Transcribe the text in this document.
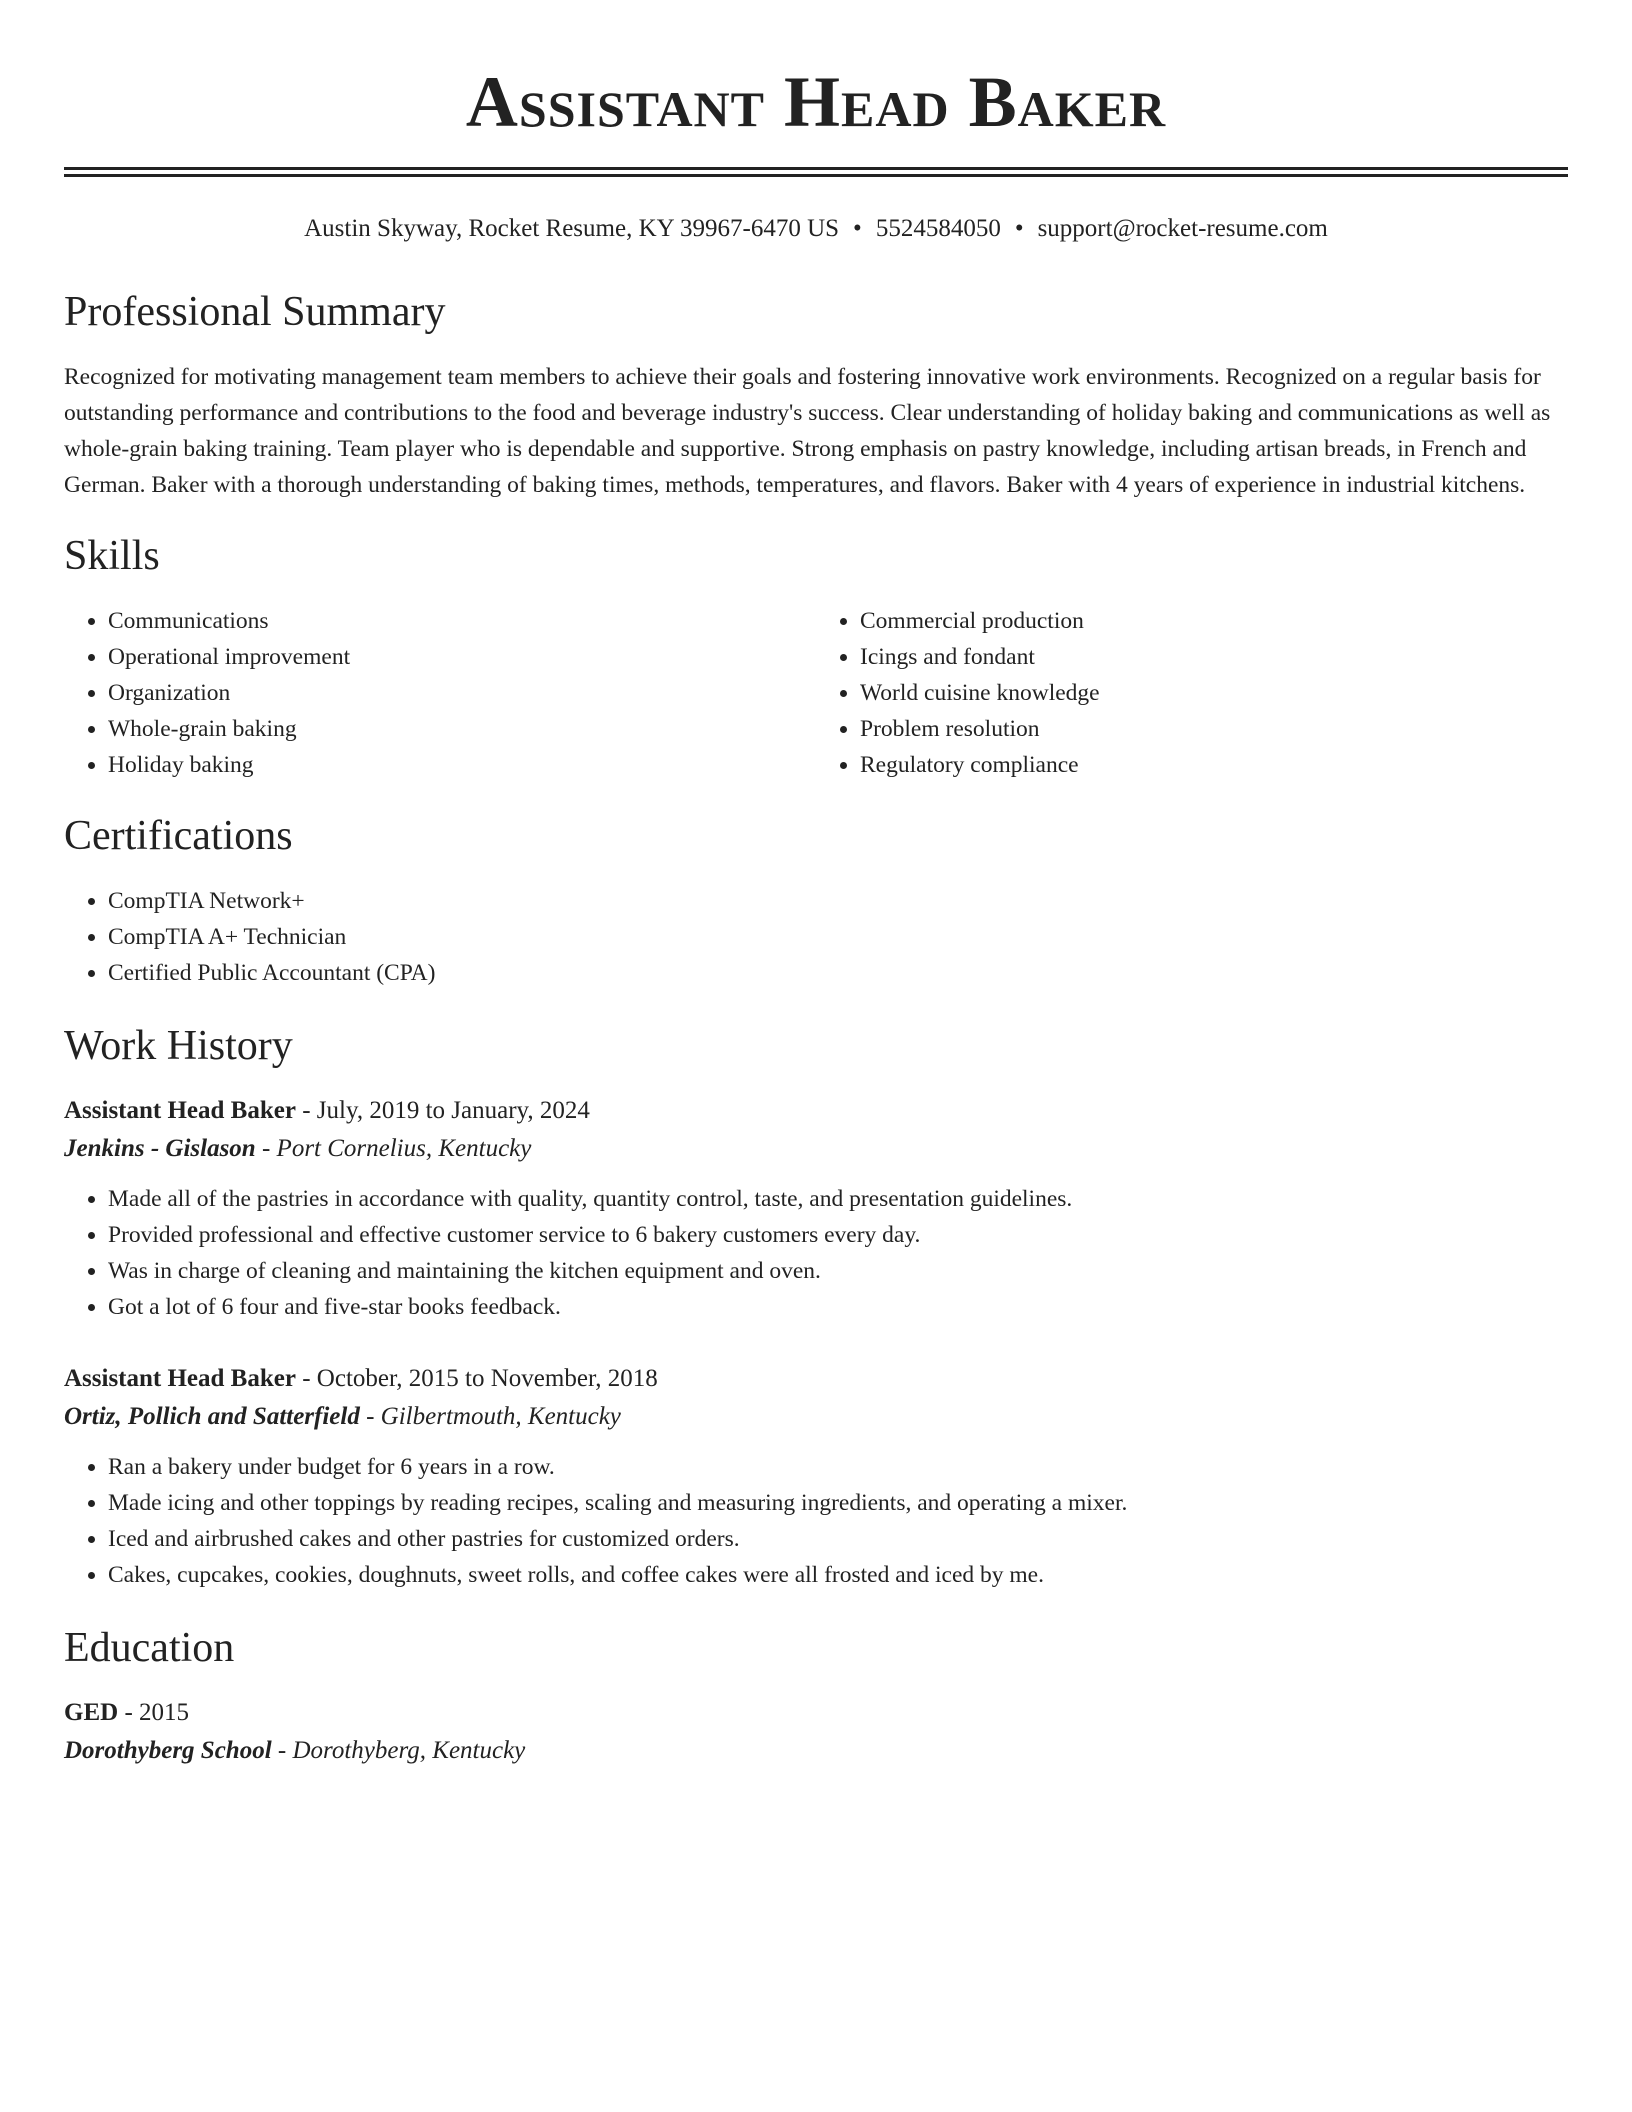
Assistant Head Baker
Austin Skyway, Rocket Resume, KY 39967-6470 US • 5524584050 • support@rocket-resume.com
Professional Summary

Recognized for motivating management team members to achieve their goals and fostering innovative work environments. Recognized on a regular basis for outstanding performance and contributions to the food and beverage industry's success. Clear understanding of holiday baking and communications as well as whole-grain baking training. Team player who is dependable and supportive. Strong emphasis on pastry knowledge, including artisan breads, in French and German. Baker with a thorough understanding of baking times, methods, temperatures, and flavors. Baker with 4 years of experience in industrial kitchens.

Skills
• Communications
• Operational improvement
• Organization
• Whole-grain baking
• Holiday baking
• Commercial production
• Icings and fondant
• World cuisine knowledge
• Problem resolution
• Regulatory compliance
Certifications
• CompTIA Network+
• CompTIA A+ Technician
• Certified Public Accountant (CPA)
Work History
Assistant Head Baker - July, 2019 to January, 2024
Jenkins - Gislason - Port Cornelius, Kentucky
• Made all of the pastries in accordance with quality, quantity control, taste, and presentation guidelines.
• Provided professional and effective customer service to 6 bakery customers every day.
• Was in charge of cleaning and maintaining the kitchen equipment and oven.
• Got a lot of 6 four and five-star books feedback.
Assistant Head Baker - October, 2015 to November, 2018
Ortiz, Pollich and Satterfield - Gilbertmouth, Kentucky
• Ran a bakery under budget for 6 years in a row.
• Made icing and other toppings by reading recipes, scaling and measuring ingredients, and operating a mixer.
• Iced and airbrushed cakes and other pastries for customized orders.
• Cakes, cupcakes, cookies, doughnuts, sweet rolls, and coffee cakes were all frosted and iced by me.
Education
GED - 2015
Dorothyberg School - Dorothyberg, Kentucky
